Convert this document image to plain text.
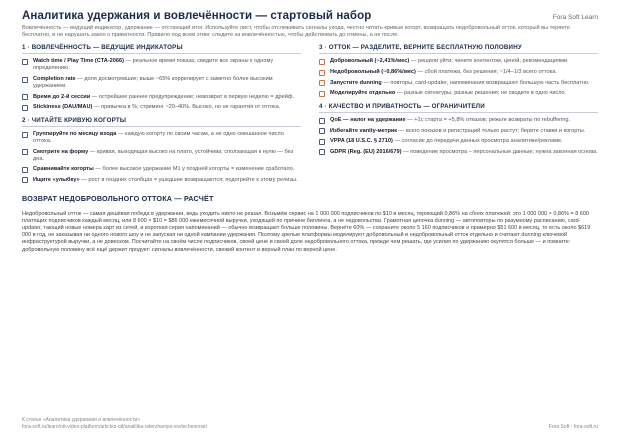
Аналитика удержания и вовлечённости — стартовый набор	Fora Soft Learn
Вовлечённость — ведущий индикатор, удержание — отстающий итог. Используйте лист, чтобы отслеживать сигналы ухода, честно читать кривые когорт, возвращать недобровольный отток, который вы теряете бесплатно, и не нарушать закон о приватности. Правило под всем этим: следите за вовлечённостью, чтобы действовать до отмены, а не после.
1 · ВОВЛЕЧЁННОСТЬ — ВЕДУЩИЕ ИНДИКАТОРЫ
Watch time / Play Time (CTA-2066) — реальное время показа; сведите все экраны к одному определению.
Completion rate — доля досмотревших; выше ~65% коррелирует с заметно более высоким удержанием.
Время до 2-й сессии — острейшее раннее предупреждение; невозврат в первую неделю = дрейф.
Stickiness (DAU/MAU) — привычка в %; стриминг ~20–40%. Высоко, но не гарантия от оттока.
2 · ЧИТАЙТЕ КРИВУЮ КОГОРТЫ
Группируйте по месяцу входа — каждую когорту по своим часам, а не одно смешанное число оттока.
Смотрите на форму — кривая, выходящая высоко на плато, устойчива; сползающая к нулю — без дна.
Сравнивайте когорты — более высокое удержание M1 у поздней когорты = изменение сработало.
Ищите «улыбку» — рост в поздних столбцах = ушедшие возвращаются; подогрейте к этому релизы.
3 · ОТТОК — РАЗДЕЛИТЕ, ВЕРНИТЕ БЕСПЛАТНУЮ ПОЛОВИНУ
Добровольный (~2,41%/мес) — решили уйти; чините контентом, ценой, рекомендациями.
Недобровольный (~0,86%/мес) — сбой платежа, без решения; ~1/4–1/3 всего оттока.
Запустите dunning — повторы, card-updater, напоминания возвращают большую часть бесплатно.
Моделируйте отдельно — разные сигнатуры, разные решения; не сводите в одно число.
4 · КАЧЕСТВО И ПРИВАТНОСТЬ — ОГРАНИЧИТЕЛИ
QoE — налог на удержание — +1с старта = +5,8% отказов; режьте возвраты по rebuffering.
Избегайте vanity-метрик — всего показов и регистраций только растут; берите ставки и когорты.
VPPA (18 U.S.C. § 2710) — согласие до передачи данных просмотра аналитике/рекламе.
GDPR (Reg. (EU) 2016/679) — поведение просмотра – персональные данные; нужна законная основа.
ВОЗВРАТ НЕДОБРОВОЛЬНОГО ОТТОКА — РАСЧЁТ
Недобровольный отток — самая дешёвая победа в удержании, ведь уходить никто не решал. Возьмём сервис на 1 000 000 подписчиков по $10 в месяц, теряющий 0,86% на сбоях платежей: это 1 000 000 × 0,86% = 8 600 платящих подписчиков каждый месяц, или 8 600 × $10 = $86 000 ежемесячной выручки, уходящей по причине биллинга, а не недовольства. Грамотная цепочка dunning — автоповторы по разумному расписанию, card-updater, тающий новые номера карт из сетей, и короткая серия напоминаний — обычно возвращает больше половины. Вернёте 60% — сохраните около 5 160 подписчиков и примерно $51 600 в месяц, то есть около $619 000 в год, не заказывая ни одного нового шоу и не запуская ни одной кампании удержания. Поэтому зрелые платформы моделируют добровольный и недобровольный отток отдельно и считают dunning ключевой инфраструктурой выручки, а не довеском. Посчитайте на своём числе подписчиков, своей цене и своей доле недобровольного оттока, прежде чем решать, где усилия по удержанию окупятся больше — и помните: добровольную половину всё ещё держит продукт: сигналы вовлечённости, свежий контент и верный план по верной цене.
К статье «Аналитика удержания и вовлечённости»
fora-soft.ru/learn/ott-video-platform/articles-ott/analitika-uderzhaniya-vovlechennosti	Fora Soft · fora-soft.ru
